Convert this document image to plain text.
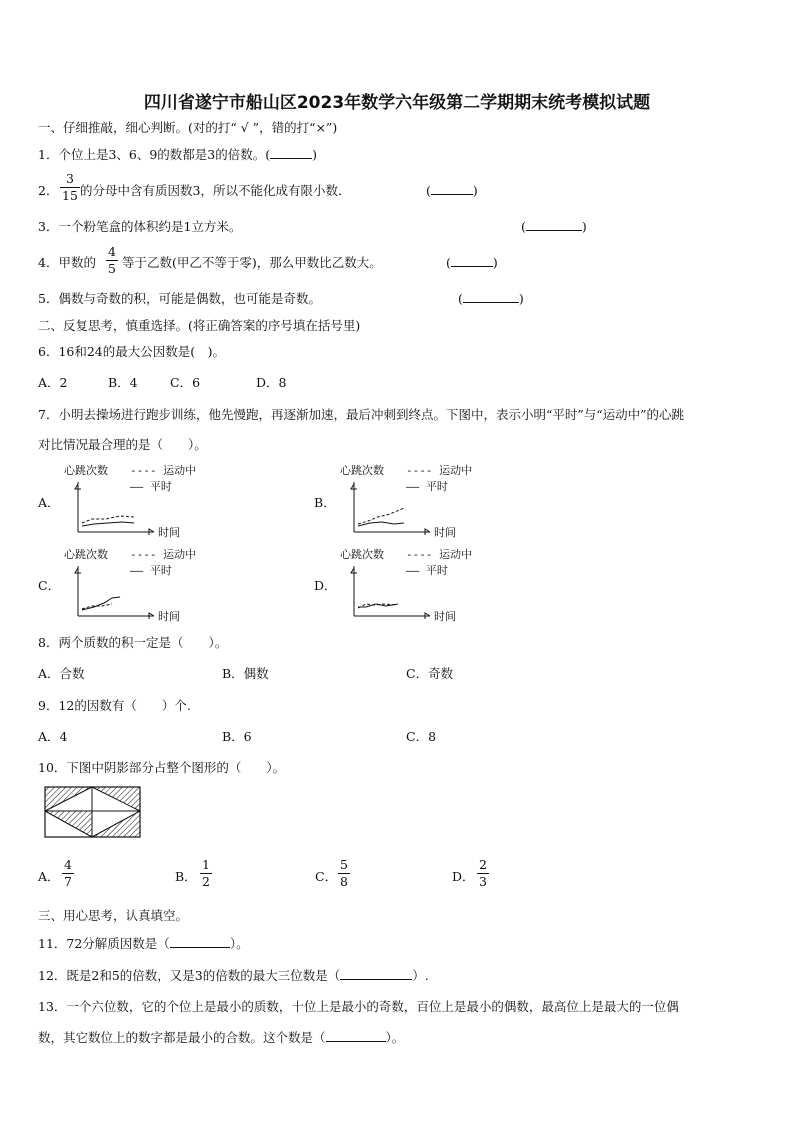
四川省遂宁市船山区2023年数学六年级第二学期期末统考模拟试题
一、仔细推敲，细心判断。(对的打“ √ ”，错的打“×”)
1．个位上是3、6、9的数都是3的倍数。(	)
2．
3
15 的分母中含有质因数3，所以不能化成有限小数．	(	)
3．一个粉笔盒的体积约是1立方米。	(	)
4．甲数的
4
5 等于乙数(甲乙不等于零)，那么甲数比乙数大。	(	)
5．偶数与奇数的积，可能是偶数，也可能是奇数。	(	)
二、反复思考，慎重选择。(将正确答案的序号填在括号里)
6．16和24的最大公因数是(　)。
A．2	B．4	C．6	D．8
7．小明去操场进行跑步训练，他先慢跑，再逐渐加速，最后冲刺到终点。下图中，表示小明“平时”与“运动中”的心跳
对比情况最合理的是（　　）。
A．
心跳次数 ---- 运动中
—— 平时
时间
B．
心跳次数 ---- 运动中
—— 平时
时间
C．
心跳次数 ---- 运动中
—— 平时
时间
D．
心跳次数 ---- 运动中
—— 平时
时间
8．两个质数的积一定是（　　）。
A．合数	B．偶数	C．奇数
9．12的因数有（　　）个.
A．4	B．6	C．8
10．下图中阴影部分占整个图形的（　　）。
A．
4
7	B．
1
2	C．
5
8	D．
2
3
三、用心思考，认真填空。
11．72分解质因数是（	）。
12．既是2和5的倍数，又是3的倍数的最大三位数是（	）.
13．一个六位数，它的个位上是最小的质数，十位上是最小的奇数，百位上是最小的偶数，最高位上是最大的一位偶
数，其它数位上的数字都是最小的合数。这个数是（	）。
